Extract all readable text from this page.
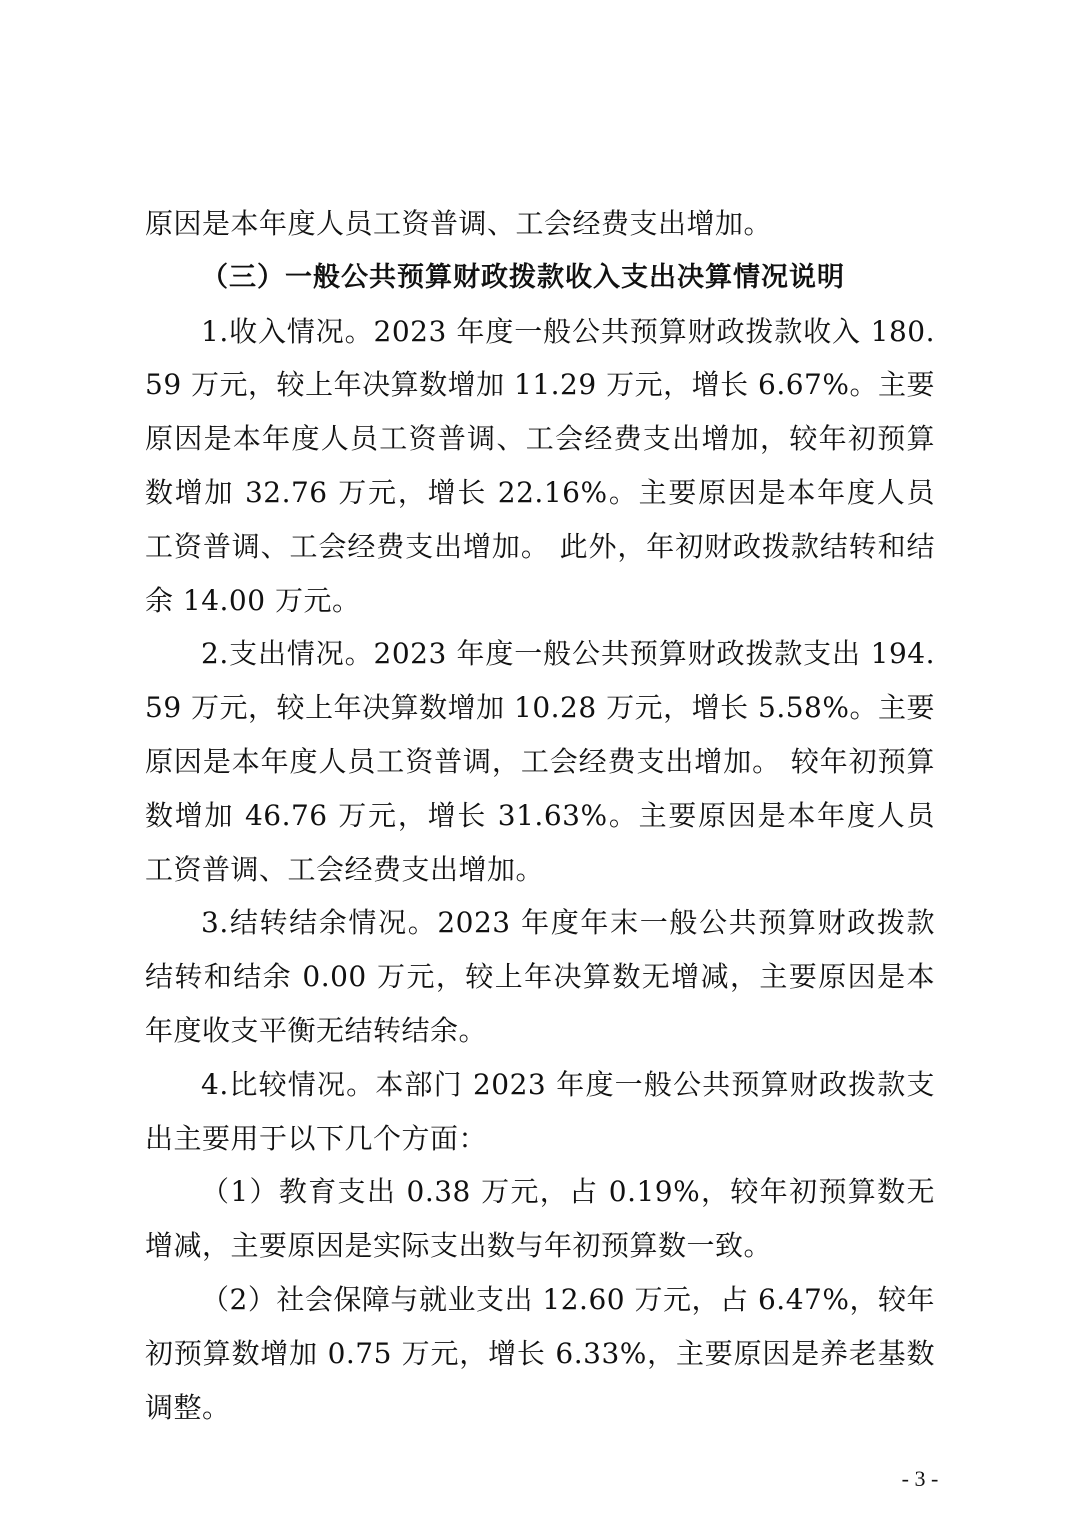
原因是本年度人员工资普调、工会经费支出增加。

（三）一般公共预算财政拨款收入支出决算情况说明

1.收入情况。2023 年度一般公共预算财政拨款收入 180.59 万元，较上年决算数增加 11.29 万元，增长 6.67%。主要原因是本年度人员工资普调、工会经费支出增加，较年初预算数增加 32.76 万元，增长 22.16%。主要原因是本年度人员工资普调、工会经费支出增加。 此外，年初财政拨款结转和结余 14.00 万元。

2.支出情况。2023 年度一般公共预算财政拨款支出 194.59 万元，较上年决算数增加 10.28 万元，增长 5.58%。主要原因是本年度人员工资普调，工会经费支出增加。 较年初预算数增加 46.76 万元，增长 31.63%。主要原因是本年度人员工资普调、工会经费支出增加。

3.结转结余情况。2023 年度年末一般公共预算财政拨款结转和结余 0.00 万元，较上年决算数无增减，主要原因是本年度收支平衡无结转结余。

4.比较情况。本部门 2023 年度一般公共预算财政拨款支出主要用于以下几个方面：

（1）教育支出 0.38 万元，占 0.19%，较年初预算数无增减，主要原因是实际支出数与年初预算数一致。

（2）社会保障与就业支出 12.60 万元，占 6.47%，较年初预算数增加 0.75 万元，增长 6.33%，主要原因是养老基数调整。

- 3 -
